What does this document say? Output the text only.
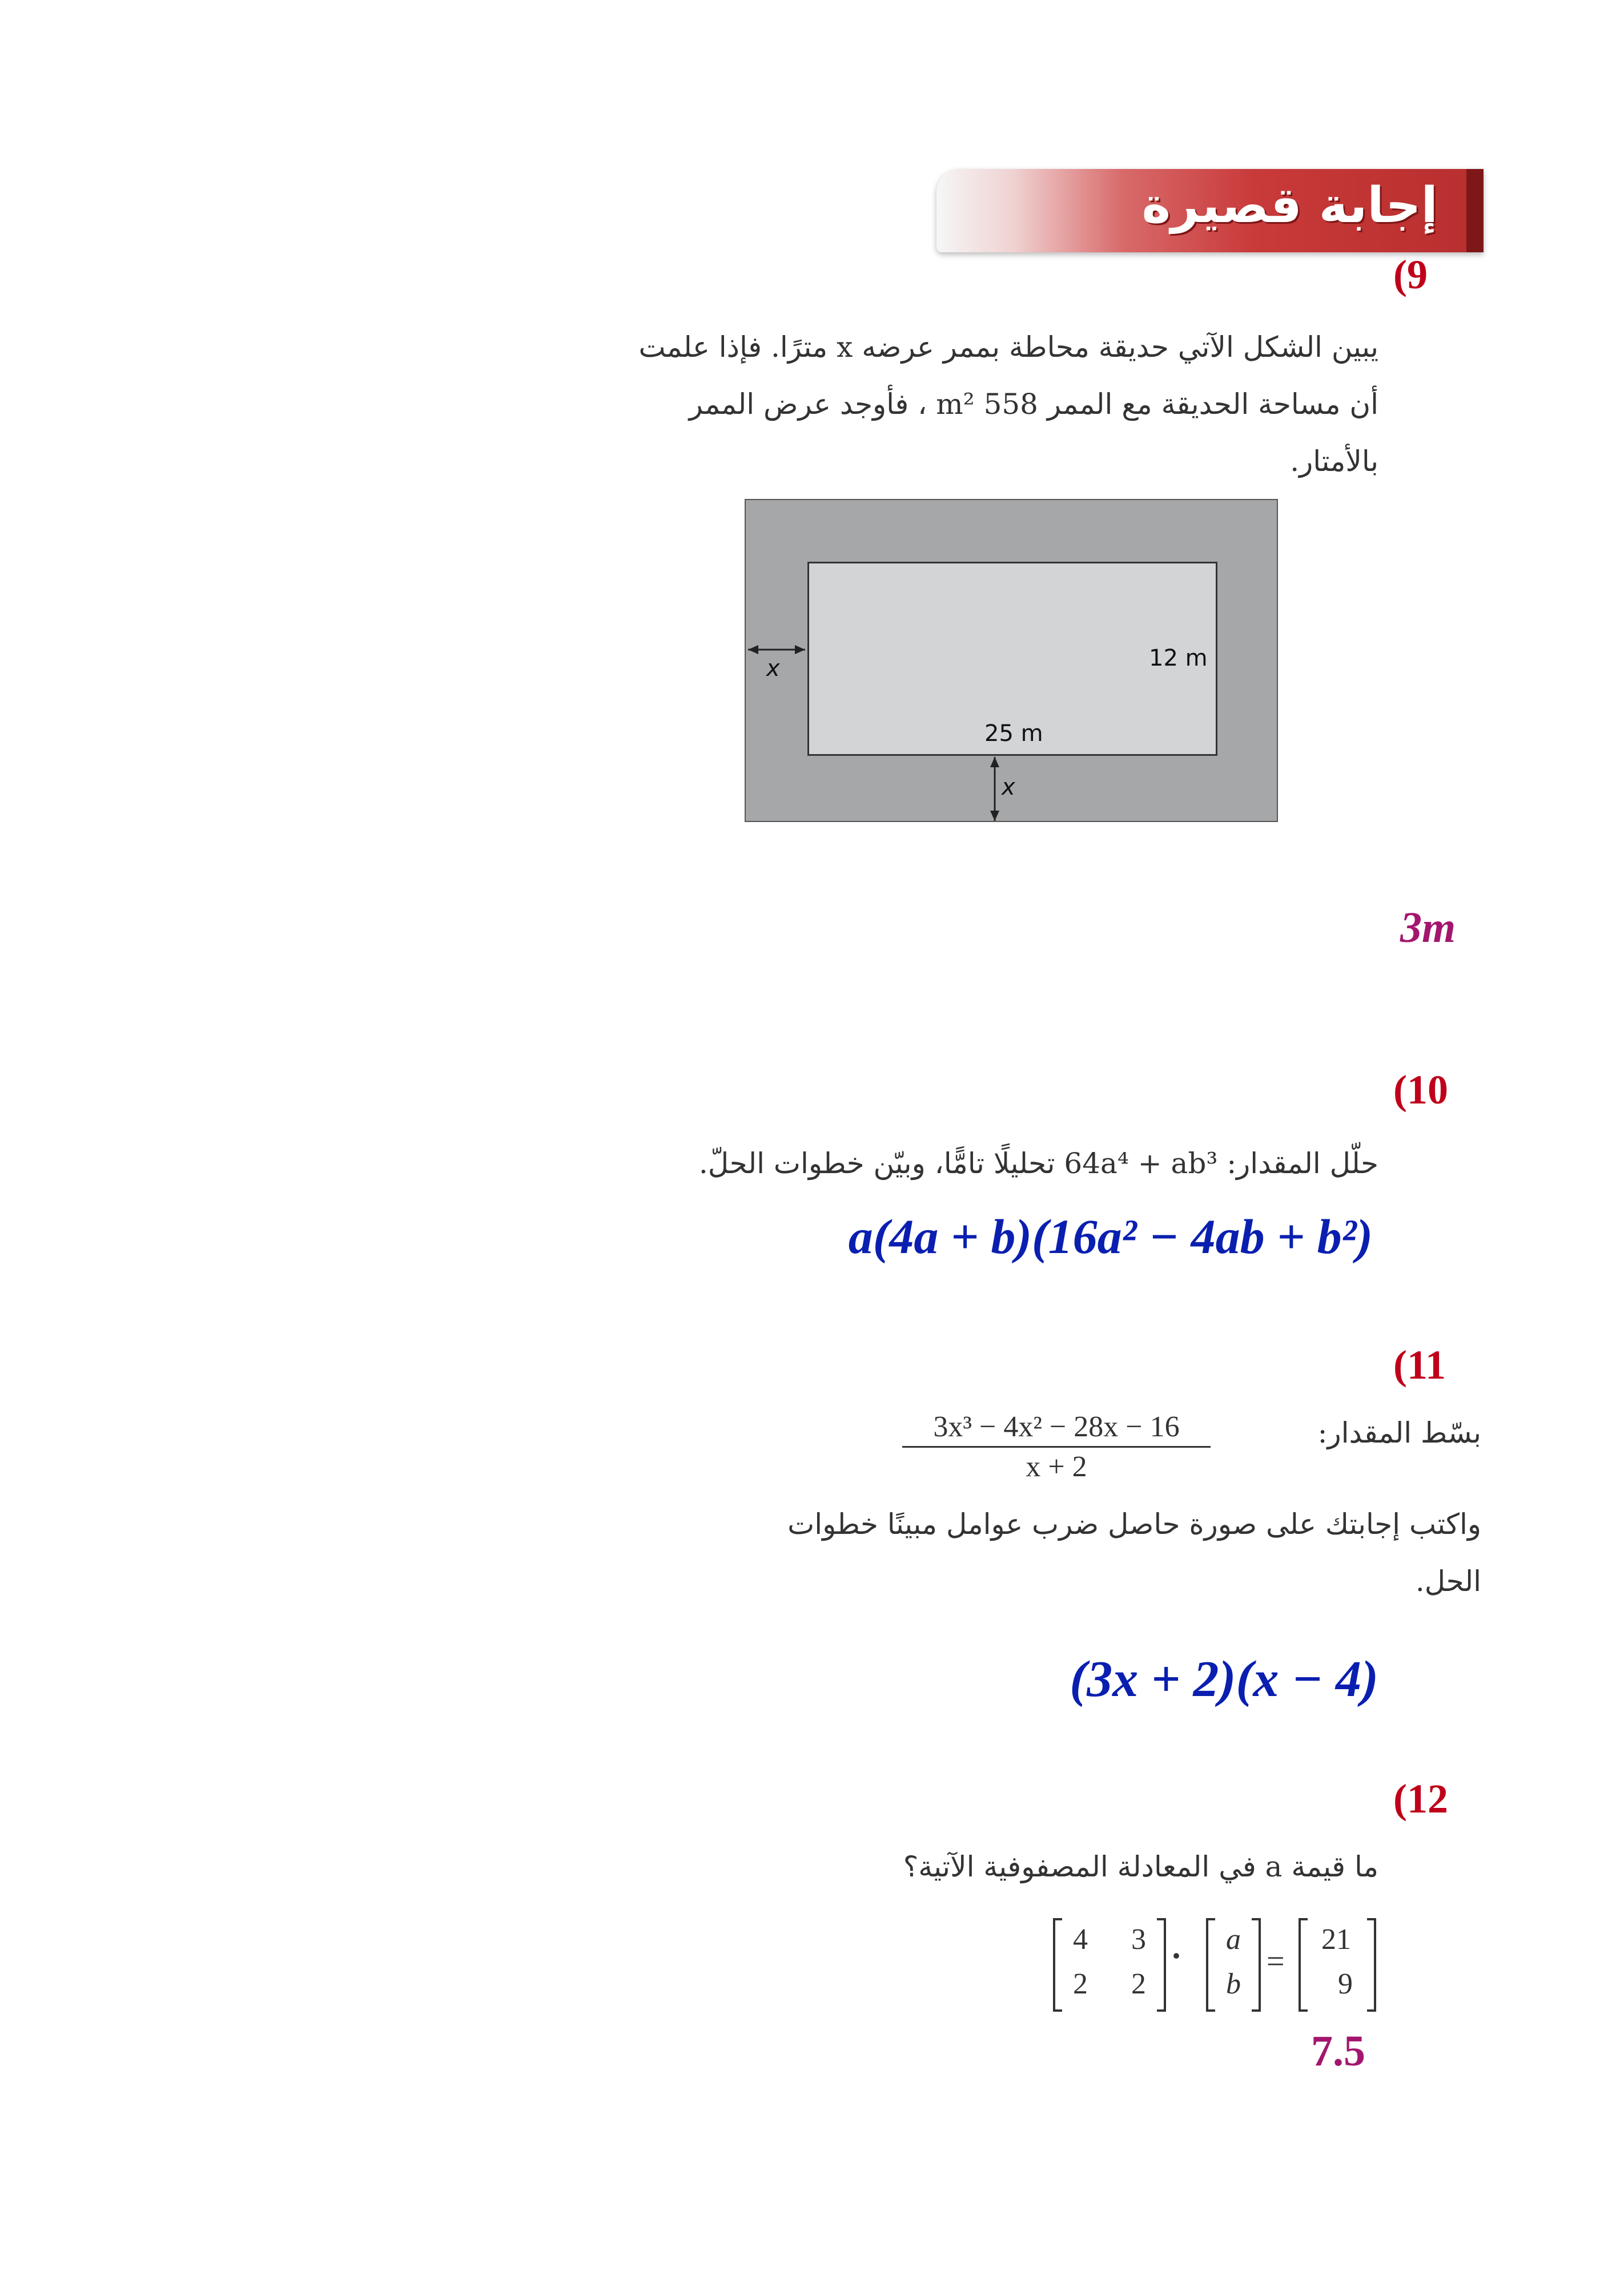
إجابة قصيرة
(9
يبين الشكل الآتي حديقة محاطة بممر عرضه x مترًا. فإذا علمت
أن مساحة الحديقة مع الممر 558 m² ، فأوجد عرض الممر
بالأمتار.
x
x
12 m
25 m
3m
(10
حلّل المقدار: 64a⁴ + ab³ تحليلًا تامًّا، وبيّن خطوات الحلّ.
a(4a + b)(16a² − 4ab + b²)
(11
بسّط المقدار:
$\frac{\text{3x³ − 4x² − 28x − 16}}{x + 2}$
واكتب إجابتك على صورة حاصل ضرب عوامل مبينًا خطوات
الحل.
(3x + 2)(x − 4)
(12
ما قيمة a في المعادلة المصفوفية الآتية؟
4	3
2	2
·	a
b
=
21
9
7.5
